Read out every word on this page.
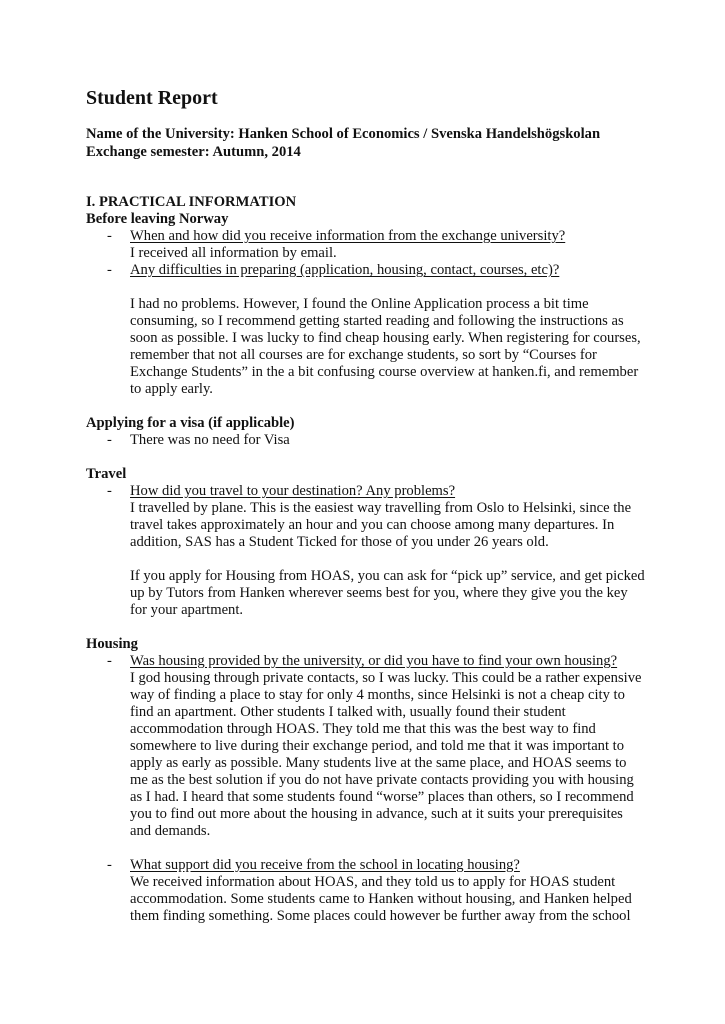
Student Report
Name of the University: Hanken School of Economics / Svenska Handelshögskolan
Exchange semester: Autumn, 2014
I. PRACTICAL INFORMATION
Before leaving Norway
- When and how did you receive information from the exchange university?

I received all information by email.

- Any difficulties in preparing (application, housing, contact, courses, etc)?

I had no problems. However, I found the Online Application process a bit time consuming, so I recommend getting started reading and following the instructions as soon as possible. I was lucky to find cheap housing early. When registering for courses, remember that not all courses are for exchange students, so sort by “Courses for Exchange Students” in the a bit confusing course overview at hanken.fi, and remember to apply early.

Applying for a visa (if applicable)
- There was no need for Visa
Travel
- How did you travel to your destination? Any problems?

I travelled by plane. This is the easiest way travelling from Oslo to Helsinki, since the travel takes approximately an hour and you can choose among many departures. In addition, SAS has a Student Ticked for those of you under 26 years old.

If you apply for Housing from HOAS, you can ask for “pick up” service, and get picked up by Tutors from Hanken wherever seems best for you, where they give you the key for your apartment.

Housing
- Was housing provided by the university, or did you have to find your own housing?

I god housing through private contacts, so I was lucky. This could be a rather expensive way of finding a place to stay for only 4 months, since Helsinki is not a cheap city to find an apartment. Other students I talked with, usually found their student accommodation through HOAS. They told me that this was the best way to find somewhere to live during their exchange period, and told me that it was important to apply as early as possible. Many students live at the same place, and HOAS seems to me as the best solution if you do not have private contacts providing you with housing as I had. I heard that some students found “worse” places than others, so I recommend you to find out more about the housing in advance, such at it suits your prerequisites and demands.

- What support did you receive from the school in locating housing?

We received information about HOAS, and they told us to apply for HOAS student accommodation. Some students came to Hanken without housing, and Hanken helped them finding something. Some places could however be further away from the school
